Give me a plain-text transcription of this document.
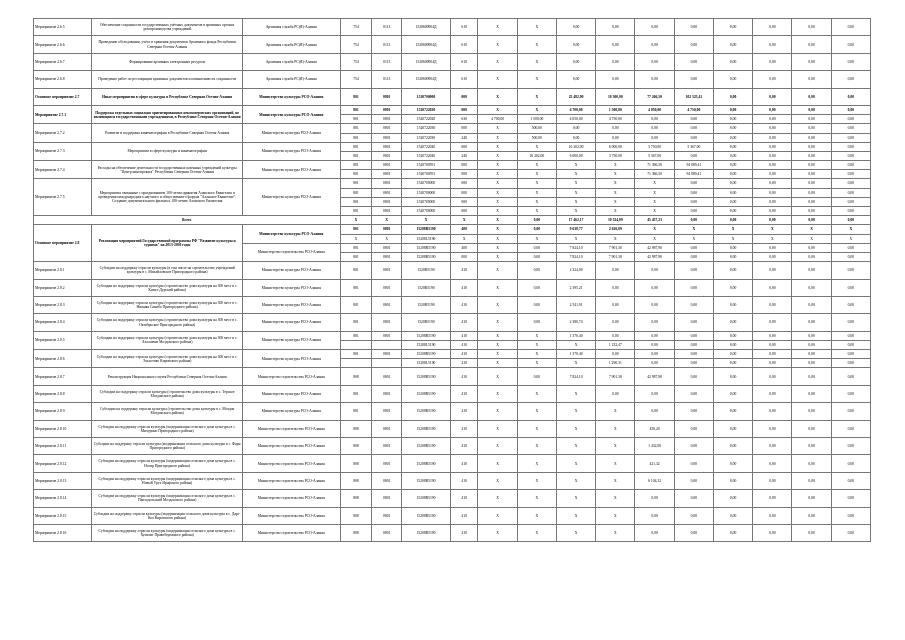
Мероприятие 2.6.5	Обеспечение сохранности государственных учётных документов в архивных органах делопроизводства учреждений	Архивная служба РС(Я)-Алания	754	0113	1520600904Д	610	X	X	0,00	0,00	0,00	0,00	0,00	0,00	0,00	0,00
Мероприятие 2.6.6	Проведение обследования, учёта и хранения документов Архивного фонда Республики Северная Осетия-Алания	Архивная служба РС(Я)-Алания	754	0113	1520600904Д	610	X	X	0,00	0,00	0,00	0,00	0,00	0,00	0,00	0,00
Мероприятие 2.6.7	Формирование архивных электронных ресурсов	Архивная служба РС(Я)-Алания	754	0113	1520600904Д	610	X	X	0,00	0,00	0,00	0,00	0,00	0,00	0,00	0,00
Мероприятие 2.6.8	Проведение работ по реставрации архивных документов и повышению их сохранности	Архивная служба РС(Я)-Алания	754	0113	1520600904Д	610	X	X	0,00	0,00	0,00	0,00	0,00	0,00	0,00	0,00
Основное мероприятие 2.7	Иные мероприятия в сфере культуры в Республике Северная Осетия-Алания	Министерство культуры РСО-Алания	801	0801	1520700000	000	X	X	25 482,90	10 300,00	77 266,50	102 525,41	0,00	0,00	0,00	0,00
Мероприятие 2.7.1	Поддержка отдельных социально ориентированных некоммерческих организаций, не являющихся государственными учреждениями, в Республике Северная Осетия-Алания	Министерство культуры РСО-Алания	801	0801	1520722020	000	X	X	4 700,00	1 500,00	4 050,00	4 750,00	0,00	0,00	0,00	0,00
			801	0801	1520722020	630	4 700,00	1 500,00	4 050,00	4 750,00	0,00	0,00	0,00	0,00	0,00	0,00
Мероприятие 2.7.2	Развитие и поддержка кинематографии в Республике Северная Осетия-Алания	Министерство культуры РСО-Алания	801	0801	1520722030	000	X	500,00	0,00	0,00	0,00	0,00	0,00	0,00	0,00	0,00
			801	0801	1520722030	240	X	500,00	0,00	0,00	0,00	0,00	0,00	0,00	0,00	0,00
Мероприятие 2.7.3	Мероприятия в сфере культуры и кинематографии	Министерство культуры РСО-Алания	801	0801	1520722040	000	X	X	16 202,00	6 000,00	3 750,00	5 367,00	0,00	0,00	0,00	0,00
			801	0801	1520722040	240	X	16 202,00	6 000,00	3 750,00	5 367,00	0,00	0,00	0,00	0,00	0,00
Мероприятие 2.7.4	Расходы на обеспечение деятельности государственных казённых учреждений культуры "Центр кинопроката" Республики Северная Осетия-Алания	Министерство культуры РСО-Алания	801	0801	1520700591	000	X	X	X	X	71 366,50	94 089,41	0,00	0,00	0,00	0,00
			801	0801	1520700591	000	X	X	X	X	71 366,50	94 089,41	0,00	0,00	0,00	0,00
Мероприятие 2.7.5	Мероприятия связанные с празднованием 100-летия принятия Аланского Евангелия и проведения международного научного и общественного форума "Аланское Евангелие". Создание документального фильма к 100-летию Аланского Евангелия	Министерство культуры РСО-Алания	801	0801	1520700000	000	X	X	X	X	X	0,00	0,00	0,00	0,00	0,00
			801	0801	1520700000	000	X	X	X	X	X	0,00	0,00	0,00	0,00	0,00
			801	0801	1520700000	000	X	X	X	X	X	0,00	0,00	0,00	0,00	0,00
			801	0801	1520700000	000	X	X	X	X	X	0,00	0,00	0,00	0,00	0,00
Всего			X	X	X	X	X	0,00	17 462,17	10 524,09	45 457,23	0,00	0,00	0,00	0,00	0,00
Основное мероприятие 2.8	Реализация мероприятий Государственной программы РФ "Развитие культуры и туризма" на 2013-2030 годы	Министерство культуры РСО-Алания	801	0801	15208R5190	400	X	0,00	9 638,77	2 626,09	X	X	X	X	X	X
			X	X	15208L5190	X	X	X	X	X	X	X	X	X	X	X
		Министерство строительства РСО-Алания	801	0801	15208R5190	400	X	0,00	7 824,10	7 901,30	42 987,90	0,00	0,00	0,00	0,00	0,00
			801	0801	15208R5190	000	X	0,00	7 824,10	7 901,30	42 987,90	0,00	0,00	0,00	0,00	0,00
Мероприятие 2.8.1	Субсидии на поддержку отрасли культуры (в том числе на строительство учреждений культуры в с. Михайловское Пригородного района)	Министерство культуры РСО-Алания	801	0801	1520R5190	410	X	0,00	2 324,00	0,00	0,00	0,00	0,00	0,00	0,00	0,00
Мероприятие 2.8.2	Субсидии на поддержку отрасли культуры (строительство дома культуры на 300 мест в с. Кизил-Дурский района)	Министерство культуры РСО-Алания	801	0801	1520R5190	410	X	0,00	2 395,21	0,00	0,00	0,00	0,00	0,00	0,00	0,00
Мероприятие 2.8.3	Субсидии на поддержку отрасли культуры (строительство дома культуры на 300 мест в с. Нижняя Саниба Пригородного района)	Министерство культуры РСО-Алания	801	0801	1520R5190	410	X	0,00	2 541,91	0,00	0,00	0,00	0,00	0,00	0,00	0,00
Мероприятие 2.8.4	Субсидии на поддержку отрасли культуры (строительство дома культуры на 300 мест в с. Октябрьское Пригородного района)	Министерство культуры РСО-Алания	801	0801	1520R5190	410	X	0,00	2 380,74	0,00	0,00	0,00	0,00	0,00	0,00	0,00
Мероприятие 2.8.5	Субсидии на поддержку отрасли культуры (строительство дома культуры на 300 мест в с. Ахалшени Моздокского района)	Министерство культуры РСО-Алания	801	0801	15208R5190	410	X	X	1 370,40	0,00	0,00	0,00	0,00	0,00	0,00	0,00
					15208L5190	410	X	X	X	1 232,47	0,00	0,00	0,00	0,00	0,00	0,00
Мероприятие 2.8.6	Субсидии на поддержку отрасли культуры (строительство дома культуры на 300 мест в с. Эльхотово Кировского района)	Министерство культуры РСО-Алания	801	0801	15208R5190	410	X	X	1 370,40	0,00	0,00	0,00	0,00	0,00	0,00	0,00
					15208L5190	410	X	X	X	1 290,31	0,00	0,00	0,00	0,00	0,00	0,00
Мероприятие 2.8.7	Реконструкция Национального музея Республики Северная Осетия-Алания	Министерство строительства РСО-Алания	808	0801	15208R5190	410	X	0,00	7 824,10	7 901,30	42 987,90	0,00	0,00	0,00	0,00	0,00
Мероприятие 2.8.8	Субсидии на поддержку отрасли культуры (строительство дома культуры в с. Терское Моздокского района)	Министерство культуры РСО-Алания	801	0801	15208R5190	410	X	X	X	0,00	0,00	0,00	0,00	0,00	0,00	0,00
Мероприятие 2.8.9	Субсидии на поддержку отрасли культуры (строительство дома культуры в с. Моздок Моздокского района)	Министерство культуры РСО-Алания	801	0801	15208R5190	410	X	X	X	X	0,00	0,00	0,00	0,00	0,00	0,00
Мероприятие 2.8.10	Субсидии на поддержку отрасли культуры (модернизация сельского дома культуры в с. Мичурино Пригородного района)	Министерство строительства РСО-Алания	808	0801	15208R5190	410	X	X	X	X	450,20	0,00	0,00	0,00	0,00	0,00
Мероприятие 2.8.11	Субсидии на поддержку отрасли культуры (модернизация сельского дома культуры в с. Фарн Пригородного района)	Министерство строительства РСО-Алания	808	0801	15208R5190	410	X	X	X	X	1 432,00	0,00	0,00	0,00	0,00	0,00
Мероприятие 2.8.12	Субсидии на поддержку отрасли культуры (модернизация сельского дома культуры в с. Ногир Пригородного района)	Министерство строительства РСО-Алания	808	0801	15208R5190	410	X	X	X	X	421,32	0,00	0,00	0,00	0,00	0,00
Мероприятие 2.8.13	Субсидии на поддержку отрасли культуры (модернизация сельского дома культуры в с. Новый Урух Ирафского района)	Министерство строительства РСО-Алания	808	0801	15208R5190	410	X	X	X	X	6 104,32	0,00	0,00	0,00	0,00	0,00
Мероприятие 2.8.14	Субсидии на поддержку отрасли культуры (модернизация сельского дома культуры в с. Павлодольский Моздокского района)	Министерство строительства РСО-Алания	808	0801	15208R5190	410	X	X	X	X	0,00	0,00	0,00	0,00	0,00	0,00
Мероприятие 2.8.15	Субсидии на поддержку отрасли культуры (модернизация сельского дома культуры в с. Дарг-Кох Кировского района)	Министерство строительства РСО-Алания	808	0801	15208R5190	410	X	X	X	X	0,00	0,00	0,00	0,00	0,00	0,00
Мероприятие 2.8.16	Субсидии на поддержку отрасли культуры (модернизация сельского дома культуры в с. Хумалаг Правобережного района)	Министерство строительства РСО-Алания	808	0801	15208R5190	410	X	X	X	X	0,00	0,00	0,00	0,00	0,00	0,00
